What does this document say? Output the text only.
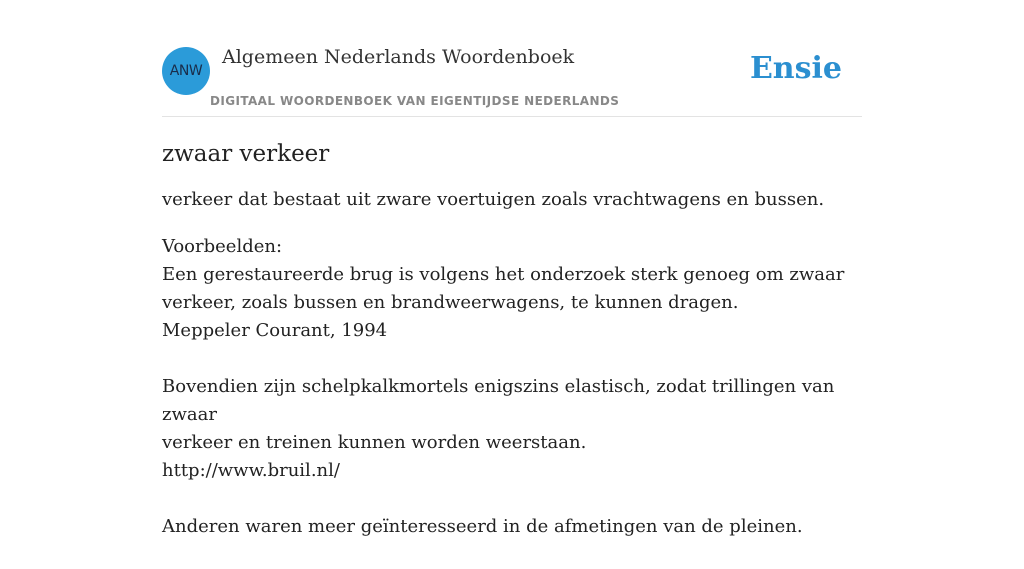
ANW
Algemeen Nederlands Woordenboek
DIGITAAL WOORDENBOEK VAN EIGENTIJDSE NEDERLANDS
Ensie
zwaar verkeer

verkeer dat bestaat uit zware voertuigen zoals vrachtwagens en bussen.

Voorbeelden:
Een gerestaureerde brug is volgens het onderzoek sterk genoeg om zwaar
verkeer, zoals bussen en brandweerwagens, te kunnen dragen.
Meppeler Courant, 1994
Bovendien zijn schelpkalkmortels enigszins elastisch, zodat trillingen van zwaar
verkeer en treinen kunnen worden weerstaan.
http://www.bruil.nl/
Anderen waren meer geïnteresseerd in de afmetingen van de pleinen.
